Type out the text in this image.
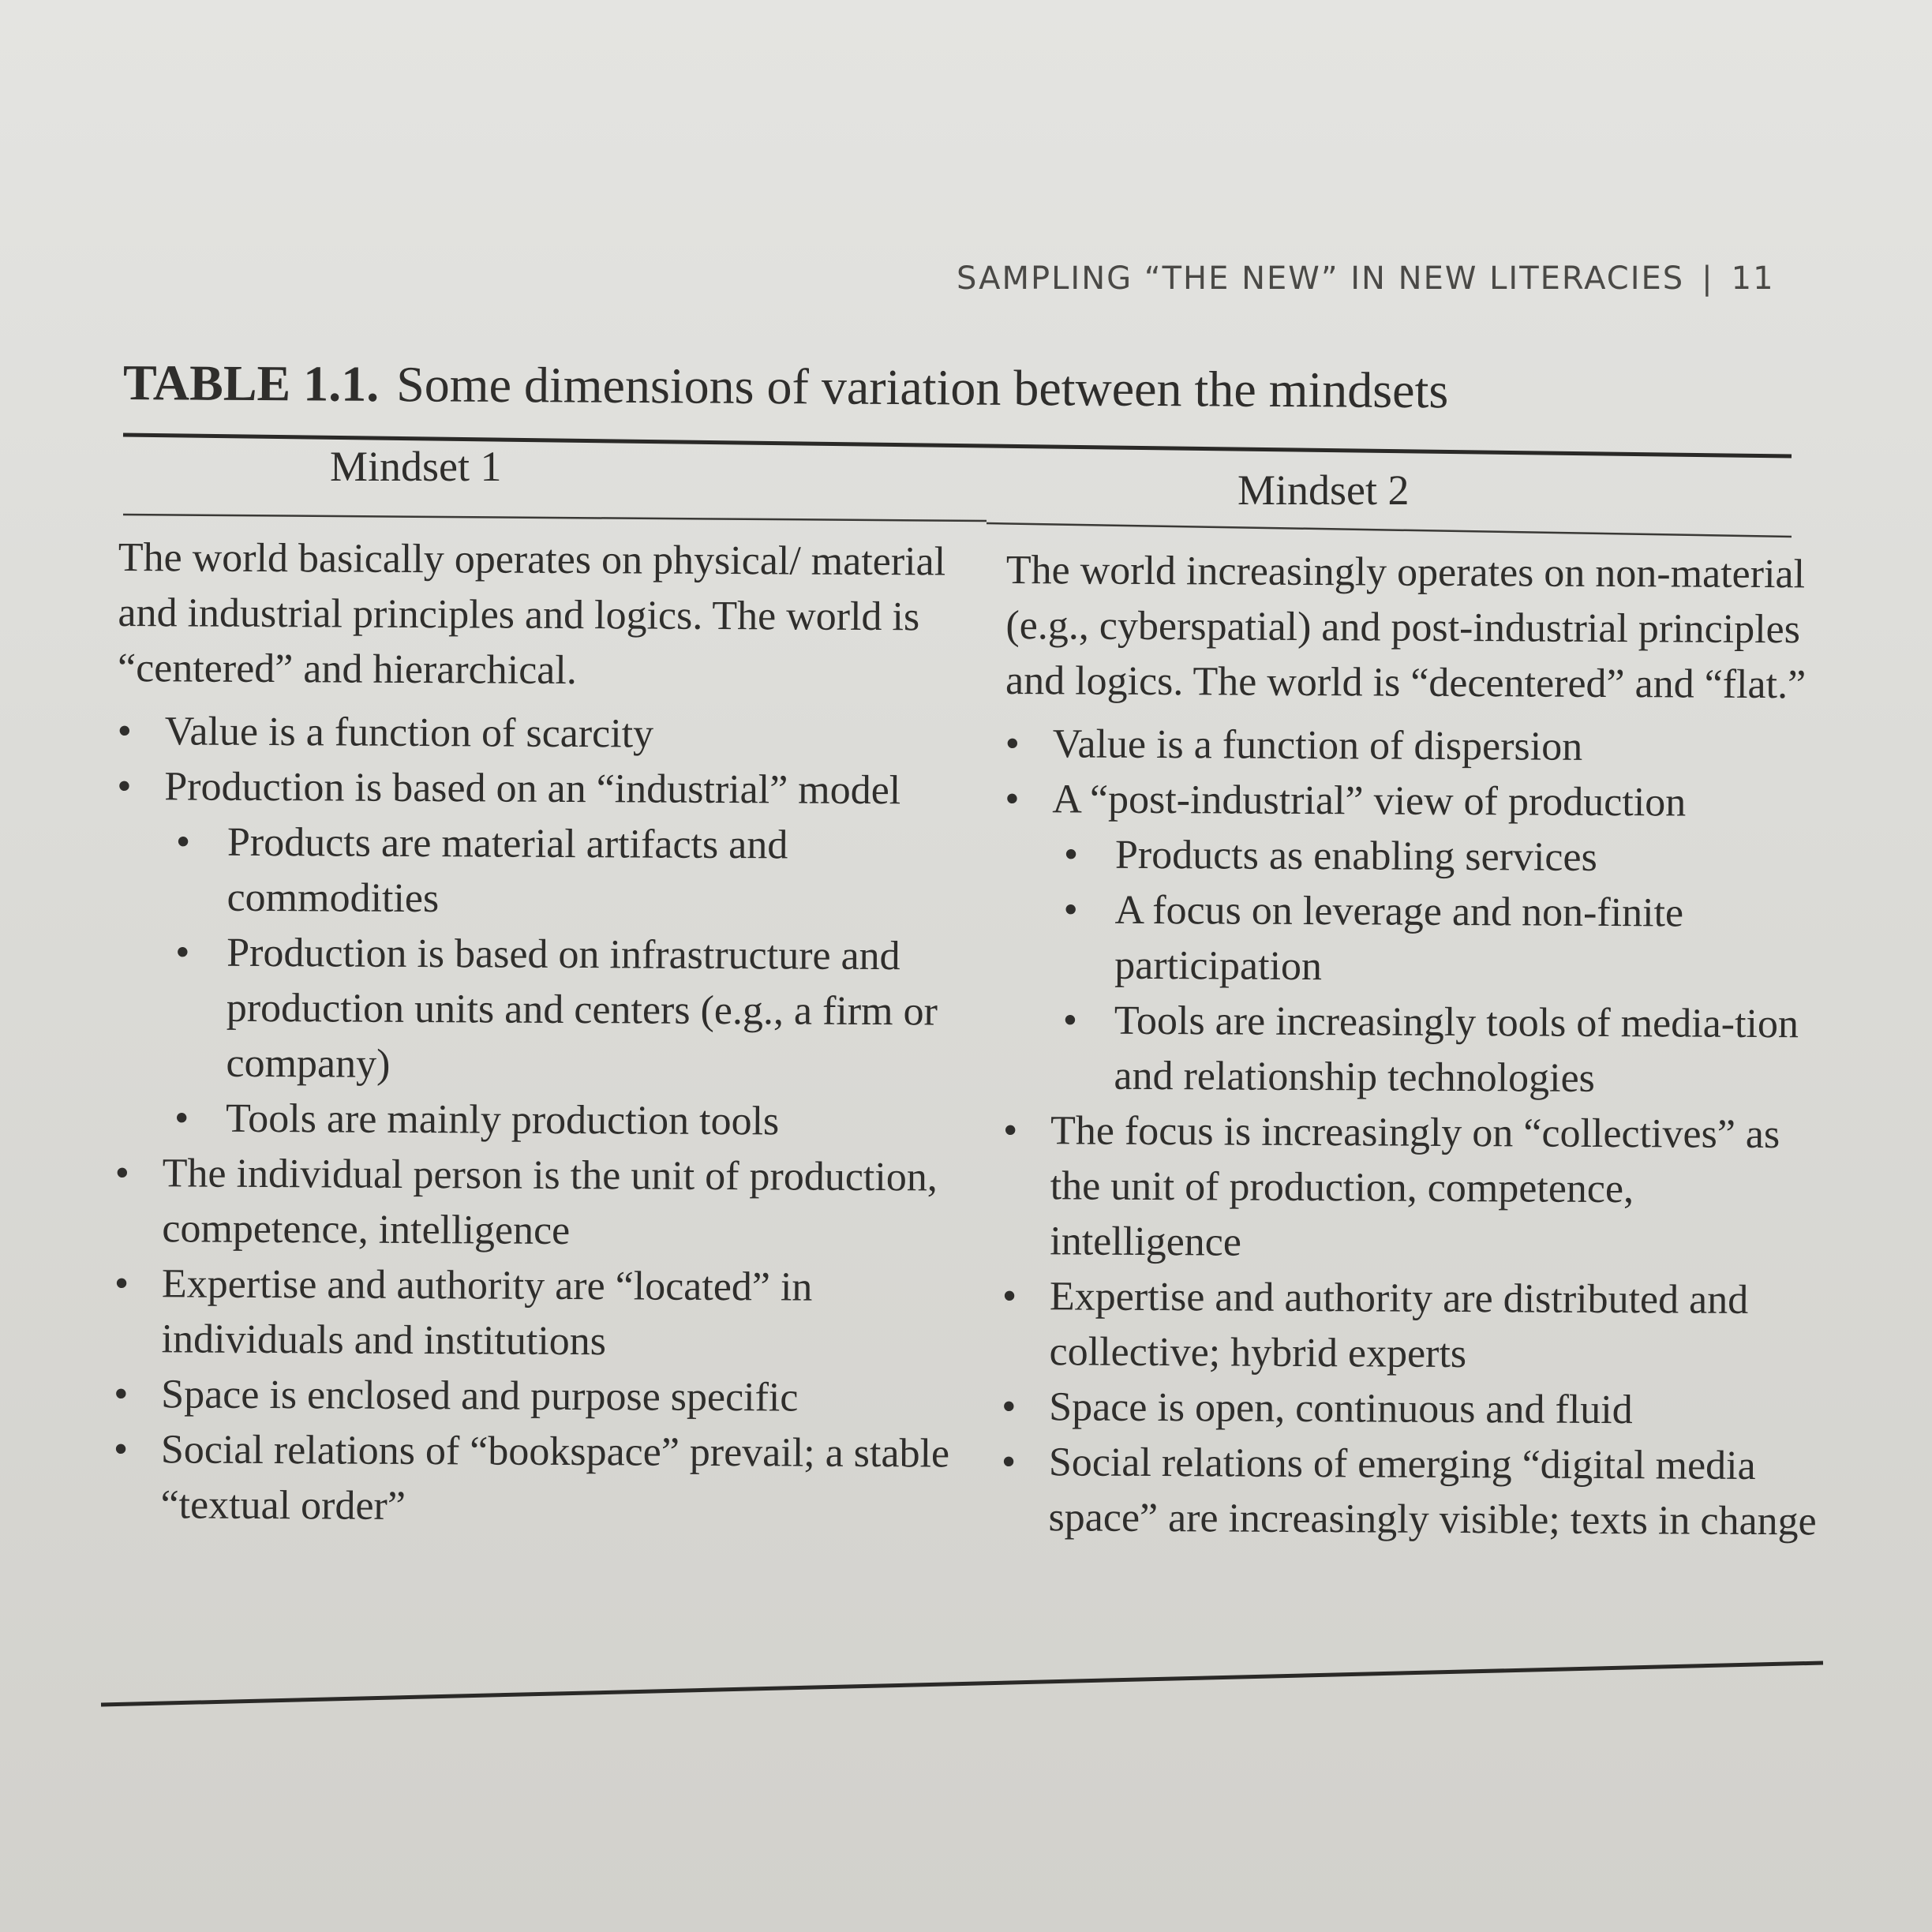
SAMPLING “THE NEW” IN NEW LITERACIES | 11
TABLE 1.1. Some dimensions of variation between the mindsets
Mindset 1	Mindset 2

The world basically operates on physical/ material and industrial principles and logics. The world is “centered” and hierarchical.

• Value is a function of scarcity
• Production is based on an “industrial” model
• Products are material artifacts and commodities
• Production is based on infrastructure and production units and centers (e.g., a firm or company)
• Tools are mainly production tools
• The individual person is the unit of production, competence, intelligence
• Expertise and authority are “located” in individuals and institutions
• Space is enclosed and purpose specific
• Social relations of “bookspace” prevail; a stable “textual order”

The world increasingly operates on non-material (e.g., cyberspatial) and post-industrial principles and logics. The world is “decentered” and “flat.”

• Value is a function of dispersion
• A “post-industrial” view of production
• Products as enabling services
• A focus on leverage and non-finite participation
• Tools are increasingly tools of media-tion and relationship technologies
• The focus is increasingly on “collectives” as the unit of production, competence, intelligence
• Expertise and authority are distributed and collective; hybrid experts
• Space is open, continuous and fluid
• Social relations of emerging “digital media space” are increasingly visible; texts in change
